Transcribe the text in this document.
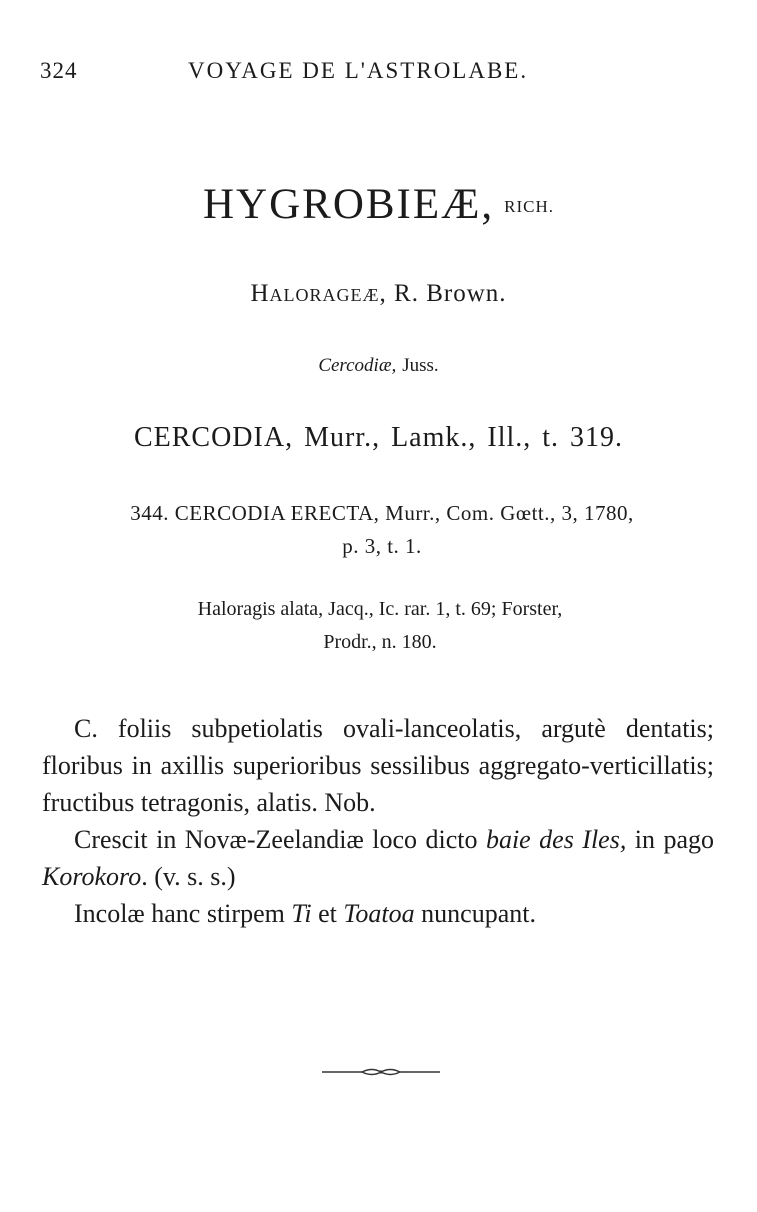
324	VOYAGE DE L'ASTROLABE.
HYGROBIEÆ, RICH.
Halorageæ, R. Brown.
Cercodiæ, Juss.
CERCODIA, Murr., Lamk., Ill., t. 319.
344. CERCODIA ERECTA, Murr., Com. Gœtt., 3, 1780,
p. 3, t. 1.
Haloragis alata, Jacq., Ic. rar. 1, t. 69; Forster,
Prodr., n. 180.

C. foliis subpetiolatis ovali-lanceolatis, argutè dentatis; floribus in axillis superioribus sessilibus aggregato-verticillatis; fructibus tetragonis, alatis. Nob.

Crescit in Novæ-Zeelandiæ loco dicto baie des Iles, in pago Korokoro. (v. s. s.)

Incolæ hanc stirpem Ti et Toatoa nuncupant.
